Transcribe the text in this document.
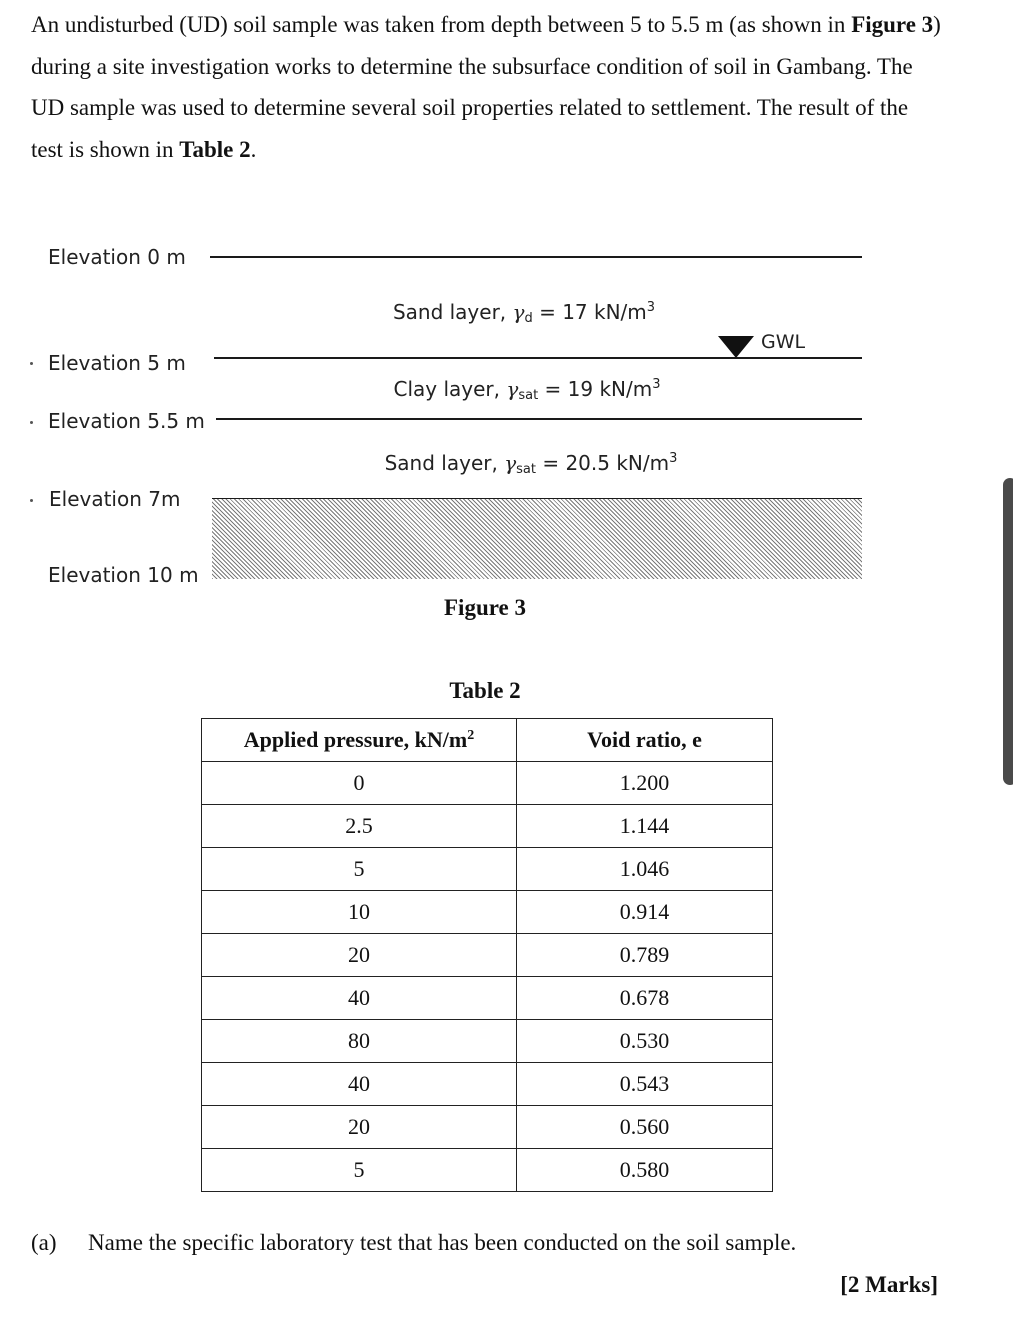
An undisturbed (UD) soil sample was taken from depth between 5 to 5.5 m (as shown in Figure 3) during a site investigation works to determine the subsurface condition of soil in Gambang. The UD sample was used to determine several soil properties related to settlement. The result of the test is shown in Table 2.

Elevation 0 m
Sand layer, $\gamma_d = 17$ $kN/m^3$
GWL
Elevation 5 m
Clay layer, $\gamma_{sat} = 19$ $kN/m^3$
Elevation 5.5 m
Sand layer, $\gamma_{sat} = 20.5$ $kN/m^3$
Elevation 7m
Elevation 10 m
Figure 3
Table 2
Applied pressure, $kN/m^2$	Void ratio, e
0	1.200
2.5	1.144
5	1.046
10	0.914
20	0.789
40	0.678
80	0.530
40	0.543
20	0.560
5	0.580
(a) Name the specific laboratory test that has been conducted on the soil sample.
[2 Marks]
